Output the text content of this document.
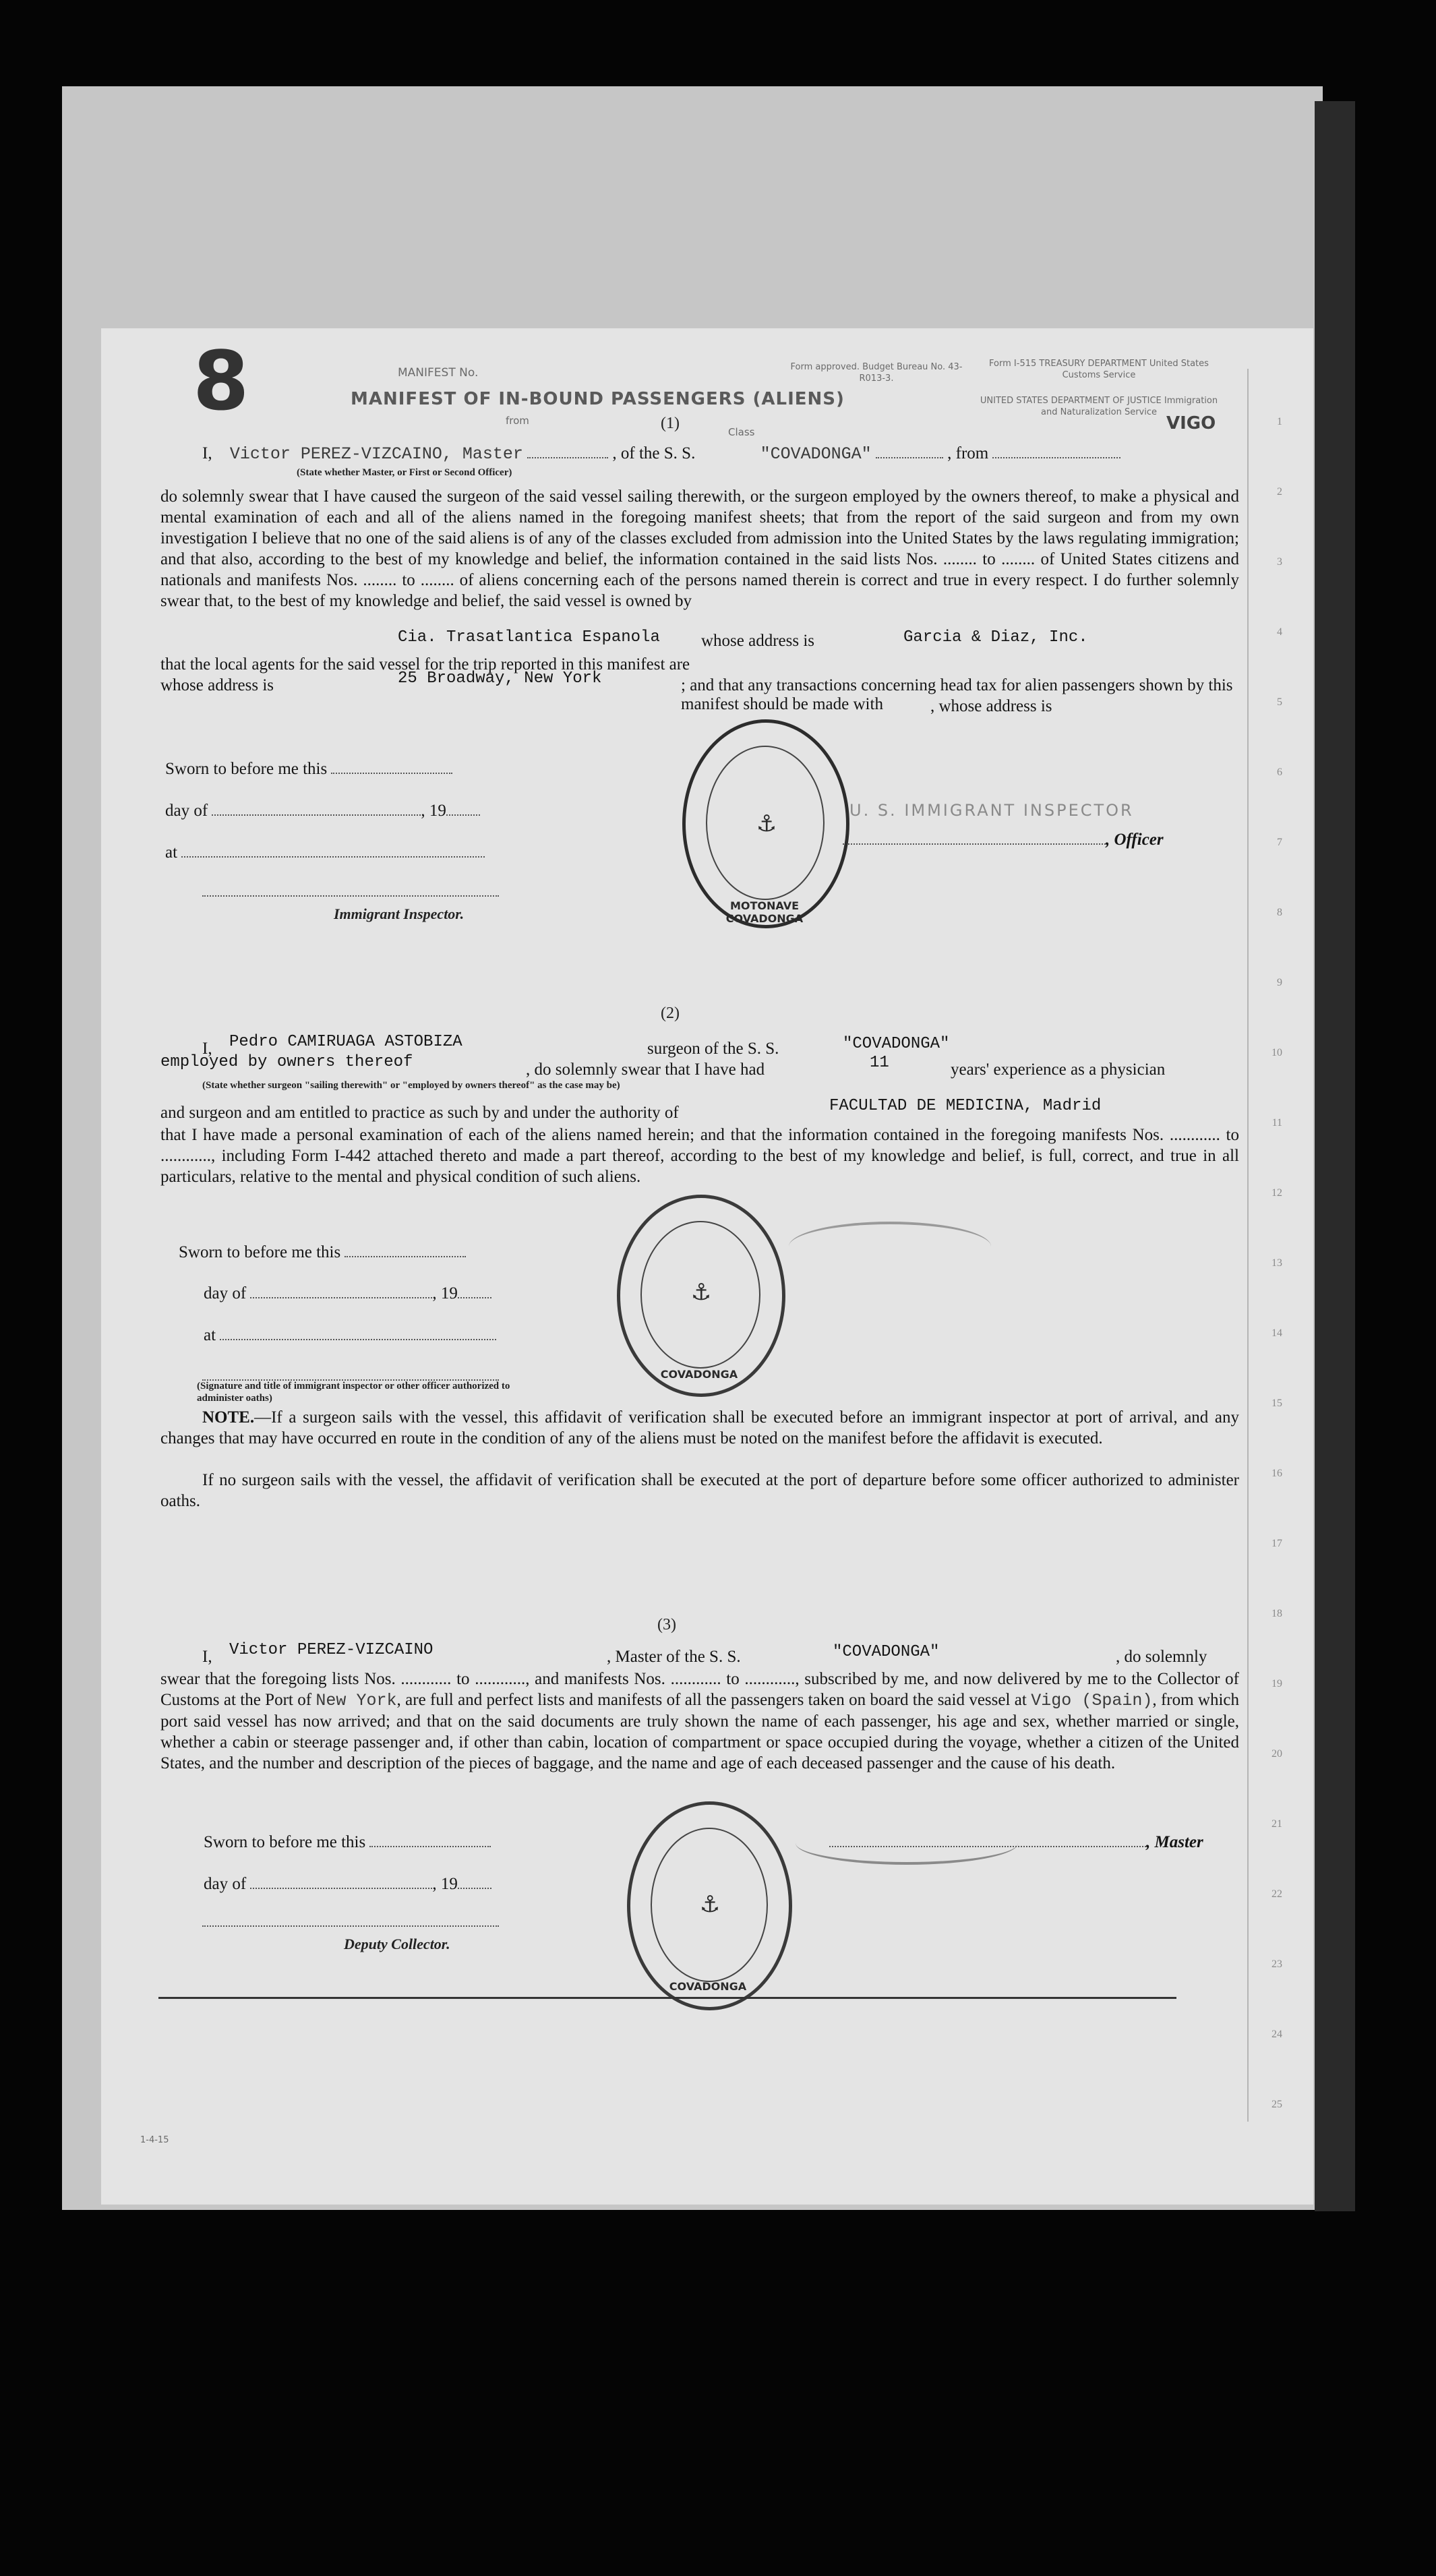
1
2
3
4
5
6
7
8
9
10
11
12
13
14
15
16
17
18
19
20
21
22
23
24
25
8	MANIFEST No.
MANIFEST OF IN-BOUND PASSENGERS (ALIENS)
from
Class
Form approved. Budget Bureau No. 43-R013-3.
Form I-515 TREASURY DEPARTMENT United States Customs Service
UNITED STATES DEPARTMENT OF JUSTICE Immigration and Naturalization Service
VIGO
(1)
I, Victor PEREZ-VIZCAINO, Master	, of the S. S.	"COVADONGA"	, from
(State whether Master, or First or Second Officer)
do solemnly swear that I have caused the surgeon of the said vessel sailing therewith, or the surgeon employed by the owners thereof, to make a physical and mental examination of each and all of the aliens named in the foregoing manifest sheets; that from the report of the said surgeon and from my own investigation I believe that no one of the said aliens is of any of the classes excluded from admission into the United States by the laws regulating immigration; and that also, according to the best of my knowledge and belief, the information contained in the said lists Nos. ........ to ........ of United States citizens and nationals and manifests Nos. ........ to ........ of aliens concerning each of the persons named therein is correct and true in every respect. I do further solemnly swear that, to the best of my knowledge and belief, the said vessel is owned by
Cia. Trasatlantica Espanola whose address is	Garcia & Diaz, Inc.
that the local agents for the said vessel for the trip reported in this manifest are
whose address is	25 Broadway, New York	; and that any transactions concerning head tax for alien passengers shown by this manifest should be made with	, whose address is
Sworn to before me this
day of	, 19
at
Immigrant Inspector.
, Officer
U. S. IMMIGRANT INSPECTOR
⚓
MOTONAVE COVADONGA
(2)
I, Pedro CAMIRUAGA ASTOBIZA	surgeon of the S. S.	"COVADONGA"
employed by owners thereof	, do solemnly swear that I have had	11	years' experience as a physician
(State whether surgeon "sailing therewith" or "employed by owners thereof" as the case may be)
and surgeon and am entitled to practice as such by and under the authority of	FACULTAD DE MEDICINA, Madrid
that I have made a personal examination of each of the aliens named herein; and that the information contained in the foregoing manifests Nos. ............ to ............, including Form I-442 attached thereto and made a part thereof, according to the best of my knowledge and belief, is full, correct, and true in all particulars, relative to the mental and physical condition of such aliens.
Sworn to before me this
day of	, 19
at
(Signature and title of immigrant inspector or other officer authorized to administer oaths)
NOTE.—If a surgeon sails with the vessel, this affidavit of verification shall be executed before an immigrant inspector at port of arrival, and any changes that may have occurred en route in the condition of any of the aliens must be noted on the manifest before the affidavit is executed.
If no surgeon sails with the vessel, the affidavit of verification shall be executed at the port of departure before some officer authorized to administer oaths.
⚓
COVADONGA
(3)
I, Victor PEREZ-VIZCAINO	, Master of the S. S.	"COVADONGA"	, do solemnly
swear that the foregoing lists Nos. ............ to ............, and manifests Nos. ............ to ............, subscribed by me, and now delivered by me to the Collector of Customs at the Port of New York, are full and perfect lists and manifests of all the passengers taken on board the said vessel at Vigo (Spain), from which port said vessel has now arrived; and that on the said documents are truly shown the name of each passenger, his age and sex, whether married or single, whether a cabin or steerage passenger and, if other than cabin, location of compartment or space occupied during the voyage, whether a citizen of the United States, and the number and description of the pieces of baggage, and the name and age of each deceased passenger and the cause of his death.
Sworn to before me this	, Master
day of	, 19
Deputy Collector.
⚓
COVADONGA
1-4-15
